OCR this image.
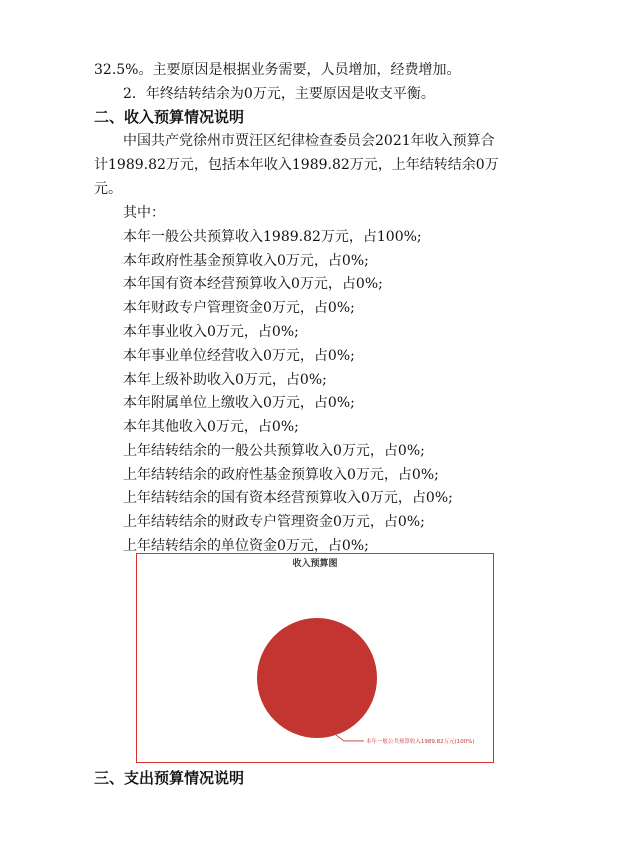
32.5%。主要原因是根据业务需要，人员增加，经费增加。

2．年终结转结余为0万元，主要原因是收支平衡。

二、收入预算情况说明

中国共产党徐州市贾汪区纪律检查委员会2021年收入预算合

计1989.82万元，包括本年收入1989.82万元，上年结转结余0万

元。

其中：

本年一般公共预算收入1989.82万元，占100%;

本年政府性基金预算收入0万元，占0%;

本年国有资本经营预算收入0万元，占0%;

本年财政专户管理资金0万元，占0%;

本年事业收入0万元，占0%;

本年事业单位经营收入0万元，占0%;

本年上级补助收入0万元，占0%;

本年附属单位上缴收入0万元，占0%;

本年其他收入0万元，占0%;

上年结转结余的一般公共预算收入0万元，占0%;

上年结转结余的政府性基金预算收入0万元，占0%;

上年结转结余的国有资本经营预算收入0万元，占0%;

上年结转结余的财政专户管理资金0万元，占0%;

上年结转结余的单位资金0万元，占0%;

收入预算图
本年一般公共预算收入1989.82万元(100%)

三、支出预算情况说明
